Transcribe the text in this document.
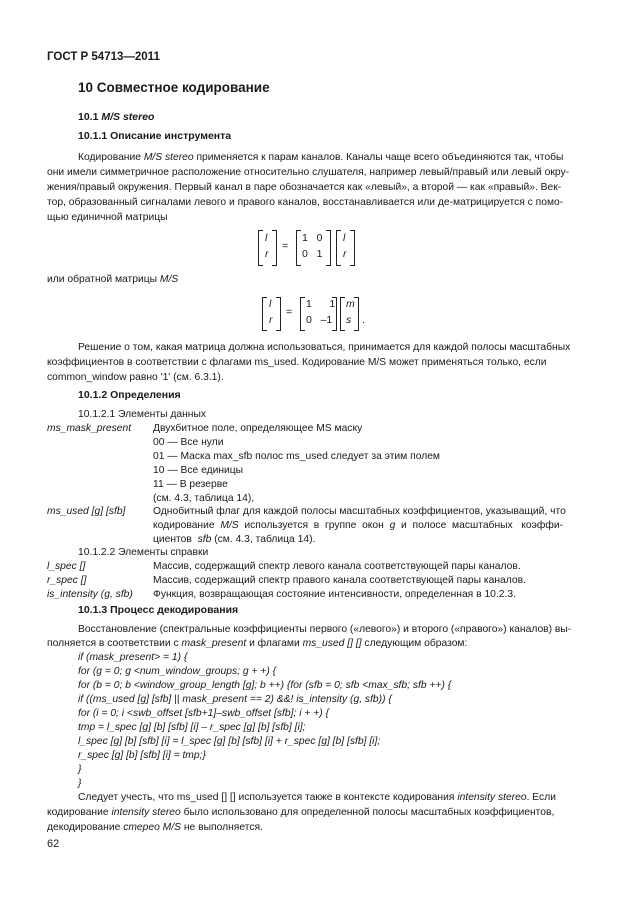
ГОСТ Р 54713—2011
10 Совместное кодирование
10.1 M/S stereo
10.1.1 Описание инструмента
Кодирование M/S stereo применяется к парам каналов. Каналы чаще всего объединяются так, чтобы
они имели симметричное расположение относительно слушателя, например левый/правый или левый окру-
жения/правый окружения. Первый канал в паре обозначается как «левый», а второй — как «правый». Век-
тор, образованный сигналами левого и правого каналов, восстанавливается или де-матрицируется с помо-
щью единичной матрицы
l
r
=
1   0
0   1
l
r
или обратной матрицы M/S
l
r
=
1      1
0   –1
m
s .
Решение о том, какая матрица должна использоваться, принимается для каждой полосы масштабных
коэффициентов в соответствии с флагами ms_used. Кодирование M/S может применяться только, если
common_window равно '1' (см. 6.3.1).
10.1.2 Определения
10.1.2.1 Элементы данных
ms_mask_present Двухбитное поле, определяющее MS маску
00 — Все нули
01 — Маска max_sfb полос ms_used следует за этим полем
10 — Все единицы
11 — В резерве
(см. 4.3, таблица 14),
ms_used [g] [sfb]	Однобитный флаг для каждой полосы масштабных коэффициентов, указыващий, что
кодирование  M/S  используется  в  группе  окон  g  и  полосе  масштабных   коэффи-
циентов  sfb (см. 4.3, таблица 14).
10.1.2.2 Элементы справки
l_spec []	Массив, содержащий спектр левого канала соответствующей пары каналов.
r_spec []	Массив, содержащий спектр правого канала соответствующей пары каналов.
is_intensity (g, sfb) Функция, возвращающая состояние интенсивности, определенная в 10.2.3.
10.1.3 Процесс декодирования
Восстановление (спектральные коэффициенты первого («левого») и второго («правого») каналов) вы-
полняется в соответствии с mask_present и флагами ms_used [] [] следующим образом:
if (mask_present> = 1) {
for (g = 0; g <num_window_groups; g + +) {
for (b = 0; b <window_group_length [g]; b ++) {for (sfb = 0; sfb <max_sfb; sfb ++) {
if ((ms_used [g] [sfb] || mask_present == 2) &&! is_intensity (g, sfb)) {
for (i = 0; i <swb_offset [sfb+1]–swb_offset [sfb]; i + +) {
tmp = l_spec [g] [b] [sfb] [i] – r_spec [g] [b] [sfb] [i];
l_spec [g] [b] [sfb] [i] = l_spec [g] [b] [sfb] [i] + r_spec [g] [b] [sfb] [i];
r_spec [g] [b] [sfb] [i] = tmp;}
}
}
Следует учесть, что ms_used [] [] используется также в контексте кодирования intensity stereo. Если
кодирование intensity stereo было использовано для определенной полосы масштабных коэффициентов,
декодирование стерео M/S не выполняется.
62
